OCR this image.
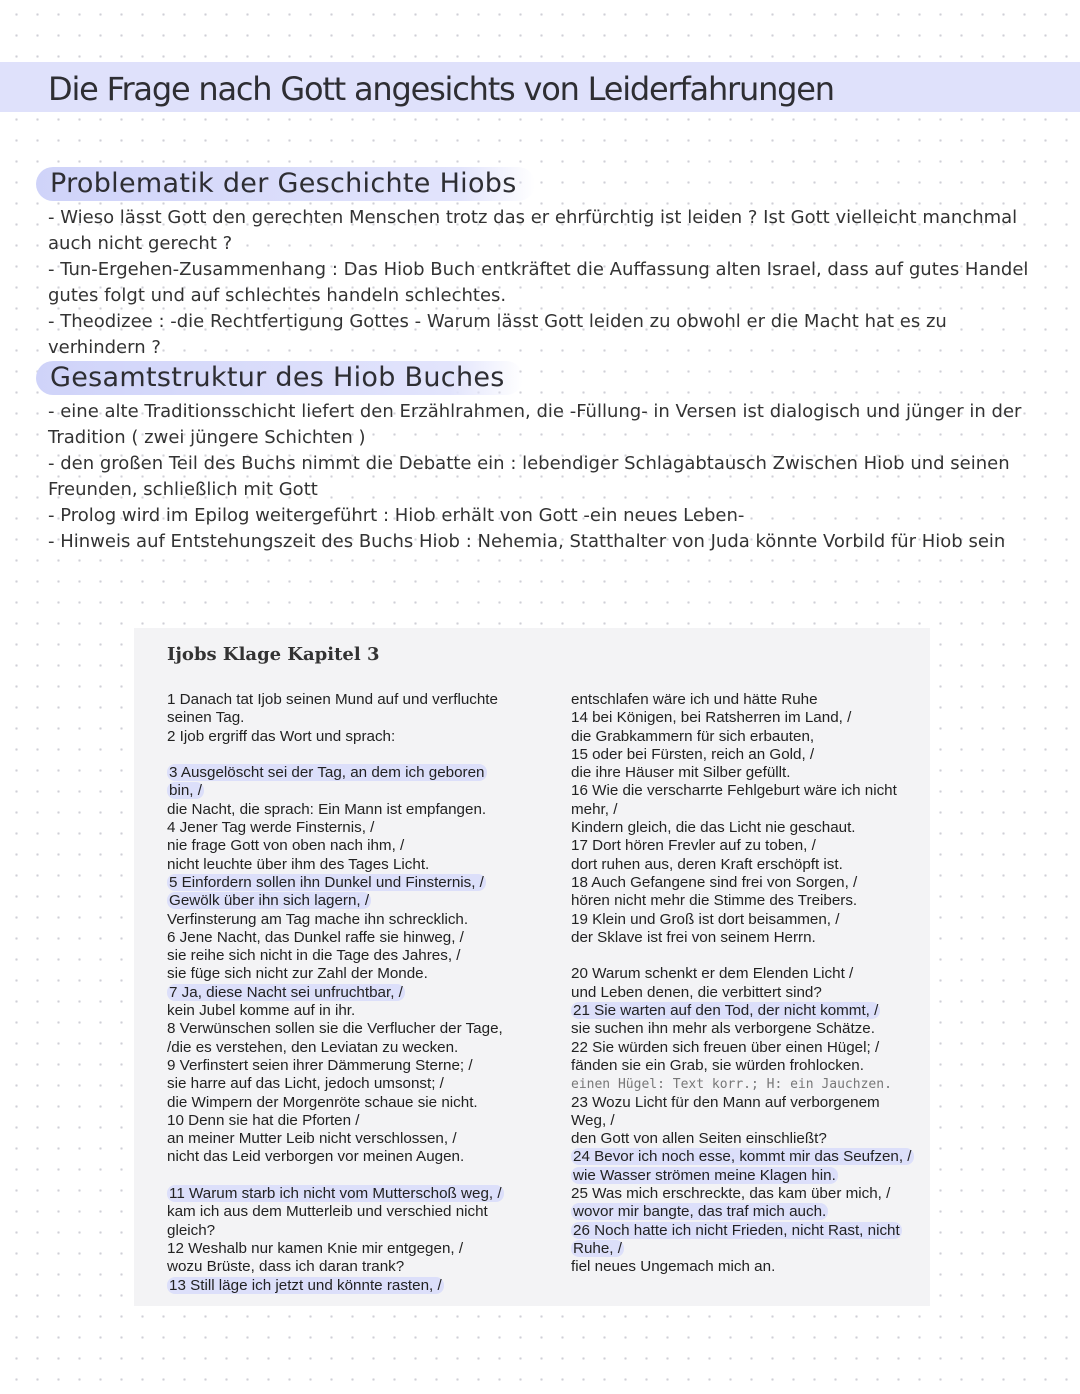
Die Frage nach Gott angesichts von Leiderfahrungen
Problematik der Geschichte Hiobs
- Wieso lässt Gott den gerechten Menschen trotz das er ehrfürchtig ist leiden ? Ist Gott vielleicht manchmal
auch nicht gerecht ?
- Tun-Ergehen-Zusammenhang : Das Hiob Buch entkräftet die Auffassung alten Israel, dass auf gutes Handel
gutes folgt und auf schlechtes handeln schlechtes.
- Theodizee : -die Rechtfertigung Gottes - Warum lässt Gott leiden zu obwohl er die Macht hat es zu verhindern ?
Gesamtstruktur des Hiob Buches
- eine alte Traditionsschicht liefert den Erzählrahmen, die -Füllung- in Versen ist dialogisch und jünger in der
Tradition ( zwei jüngere Schichten )
- den großen Teil des Buchs nimmt die Debatte ein : lebendiger Schlagabtausch Zwischen Hiob und seinen
Freunden, schließlich mit Gott
- Prolog wird im Epilog weitergeführt : Hiob erhält von Gott -ein neues Leben-
- Hinweis auf Entstehungszeit des Buchs Hiob : Nehemia, Statthalter von Juda könnte Vorbild für Hiob sein
Ijobs Klage Kapitel 3
1 Danach tat Ijob seinen Mund auf und verfluchte
seinen Tag.
2 Ijob ergriff das Wort und sprach:
3 Ausgelöscht sei der Tag, an dem ich geboren
bin, /
die Nacht, die sprach: Ein Mann ist empfangen.
4 Jener Tag werde Finsternis, /
nie frage Gott von oben nach ihm, /
nicht leuchte über ihm des Tages Licht.
5 Einfordern sollen ihn Dunkel und Finsternis, /
Gewölk über ihn sich lagern, /
Verfinsterung am Tag mache ihn schrecklich.
6 Jene Nacht, das Dunkel raffe sie hinweg, /
sie reihe sich nicht in die Tage des Jahres, /
sie füge sich nicht zur Zahl der Monde.
7 Ja, diese Nacht sei unfruchtbar, /
kein Jubel komme auf in ihr.
8 Verwünschen sollen sie die Verflucher der Tage,
/die es verstehen, den Leviatan zu wecken.
9 Verfinstert seien ihrer Dämmerung Sterne; /
sie harre auf das Licht, jedoch umsonst; /
die Wimpern der Morgenröte schaue sie nicht.
10 Denn sie hat die Pforten /
an meiner Mutter Leib nicht verschlossen, /
nicht das Leid verborgen vor meinen Augen.
11 Warum starb ich nicht vom Mutterschoß weg, /
kam ich aus dem Mutterleib und verschied nicht
gleich?
12 Weshalb nur kamen Knie mir entgegen, /
wozu Brüste, dass ich daran trank?
13 Still läge ich jetzt und könnte rasten, /
entschlafen wäre ich und hätte Ruhe
14 bei Königen, bei Ratsherren im Land, /
die Grabkammern für sich erbauten,
15 oder bei Fürsten, reich an Gold, /
die ihre Häuser mit Silber gefüllt.
16 Wie die verscharrte Fehlgeburt wäre ich nicht
mehr, /
Kindern gleich, die das Licht nie geschaut.
17 Dort hören Frevler auf zu toben, /
dort ruhen aus, deren Kraft erschöpft ist.
18 Auch Gefangene sind frei von Sorgen, /
hören nicht mehr die Stimme des Treibers.
19 Klein und Groß ist dort beisammen, /
der Sklave ist frei von seinem Herrn.
20 Warum schenkt er dem Elenden Licht /
und Leben denen, die verbittert sind?
21 Sie warten auf den Tod, der nicht kommt, /
sie suchen ihn mehr als verborgene Schätze.
22 Sie würden sich freuen über einen Hügel; /
fänden sie ein Grab, sie würden frohlocken.
einen Hügel: Text korr.; H: ein Jauchzen.
23 Wozu Licht für den Mann auf verborgenem
Weg, /
den Gott von allen Seiten einschließt?
24 Bevor ich noch esse, kommt mir das Seufzen, /
wie Wasser strömen meine Klagen hin.
25 Was mich erschreckte, das kam über mich, /
wovor mir bangte, das traf mich auch.
26 Noch hatte ich nicht Frieden, nicht Rast, nicht
Ruhe, /
fiel neues Ungemach mich an.
